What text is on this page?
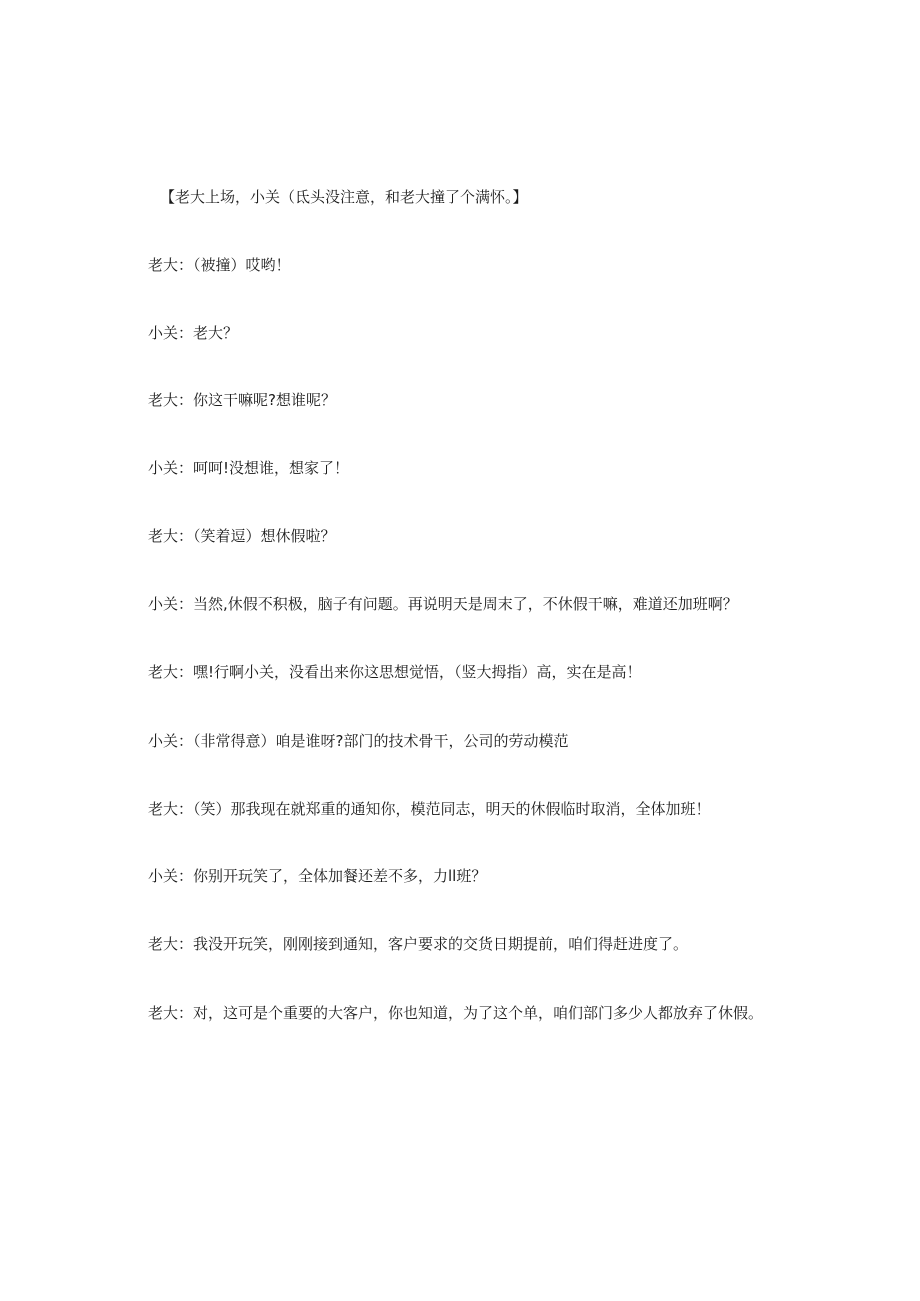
【老大上场，小关（氐头没注意，和老大撞了个满怀。】

老大：（被撞）哎哟！

小关：老大？

老大：你这干嘛呢?想谁呢？

小关：呵呵!没想谁，想家了！

老大：（笑着逗）想休假啦？

小关：当然,休假不积极，脑子有问题。再说明天是周末了，不休假干嘛，难道还加班啊？

老大：嘿!行啊小关，没看出来你这思想觉悟，（竖大拇指）高，实在是高！

小关：（非常得意）咱是谁呀?部门的技术骨干，公司的劳动模范

老大：（笑）那我现在就郑重的通知你，模范同志，明天的休假临时取消，全体加班！

小关：你别开玩笑了，全体加餐还差不多，力ll班？

老大：我没开玩笑，刚刚接到通知，客户要求的交货日期提前，咱们得赶进度了。

老大：对，这可是个重要的大客户，你也知道，为了这个单，咱们部门多少人都放弃了休假。
